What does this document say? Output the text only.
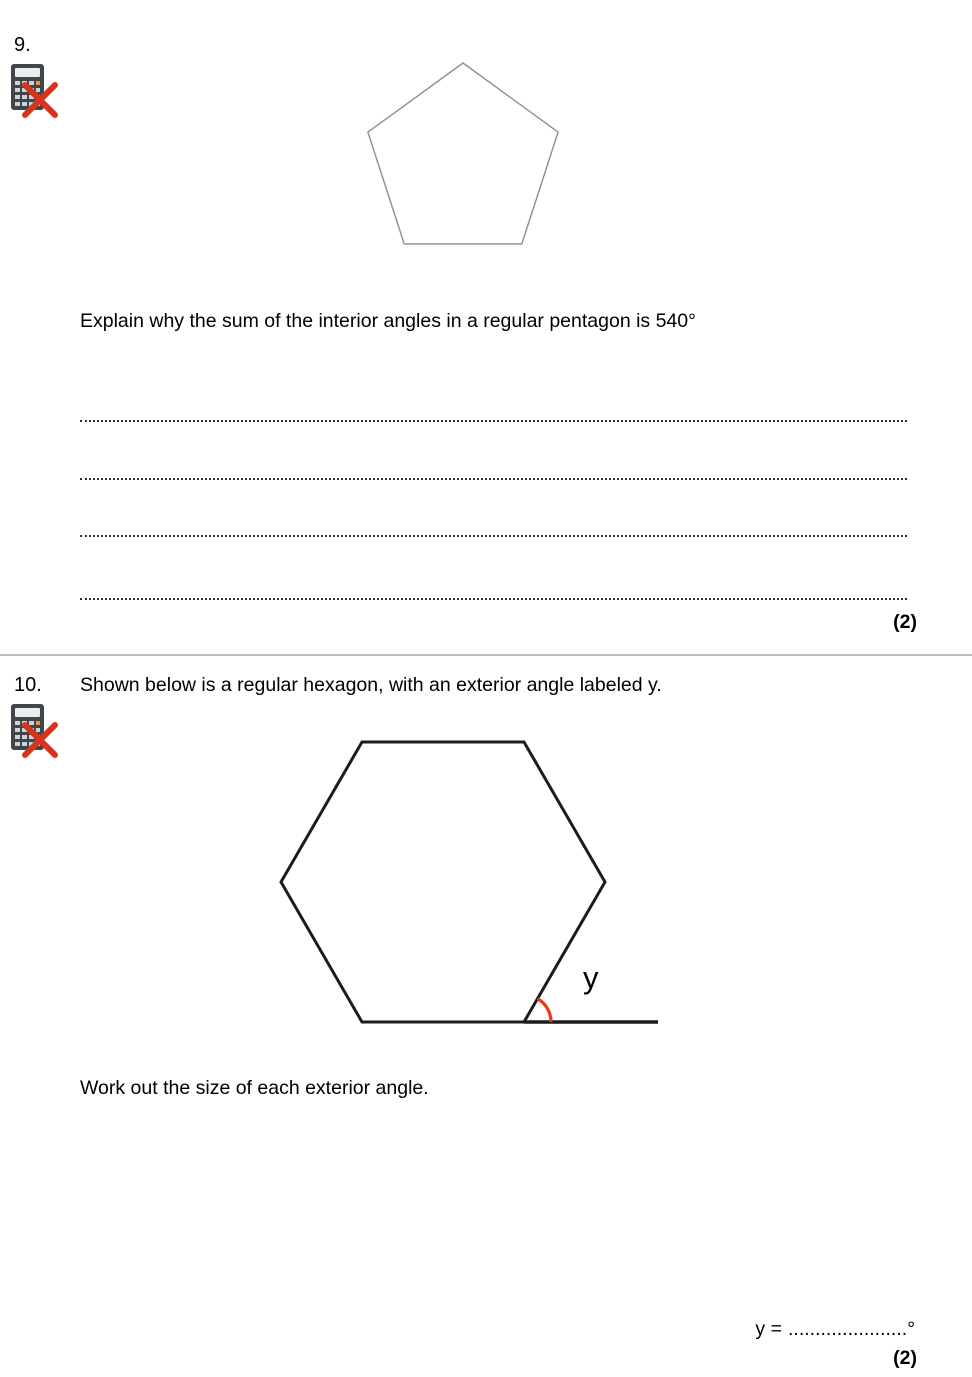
9.
Explain why the sum of the interior angles in a regular pentagon is 540°
(2)
10. Shown below is a regular hexagon, with an exterior angle labeled y.
y
Work out the size of each exterior angle.
y = ......................°
(2)
